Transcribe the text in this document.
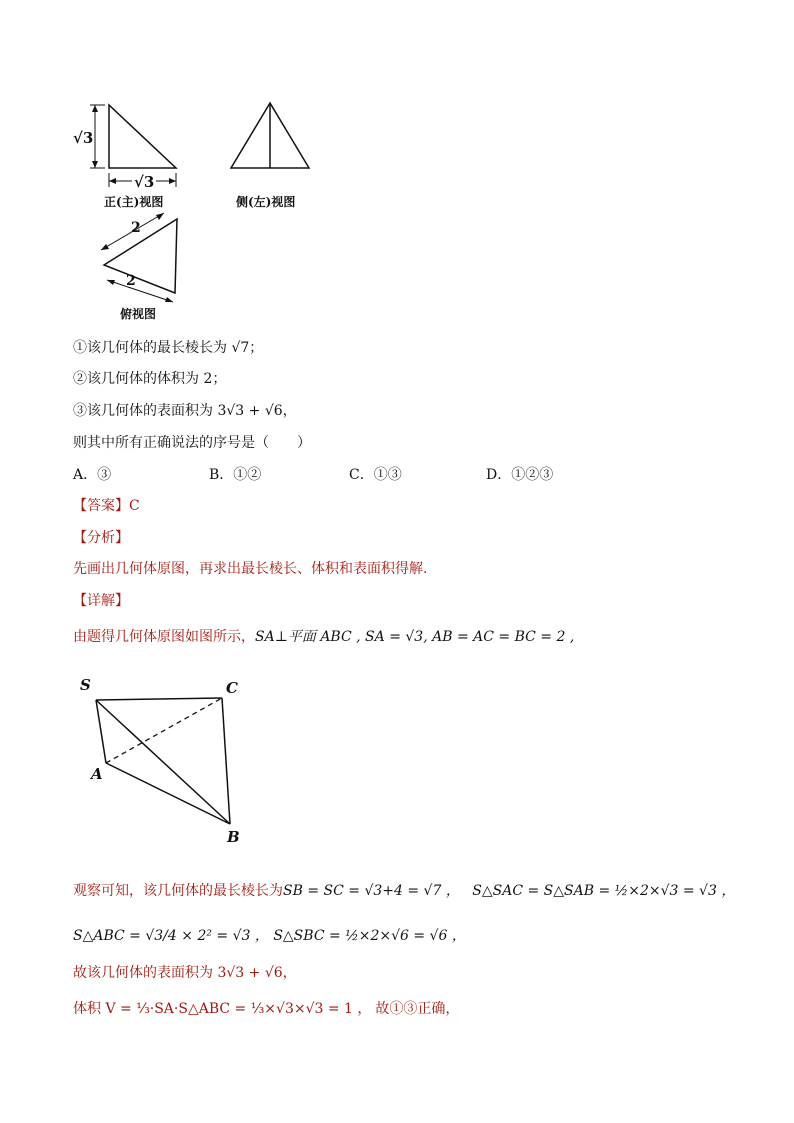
√3
√3
正(主)视图	侧(左)视图
2
2
俯视图
①该几何体的最长棱长为 √7；
②该几何体的体积为 2；
③该几何体的表面积为 3√3 + √6，
则其中所有正确说法的序号是（　　）
A．③	B．①②	C．①③	D．①②③
【答案】C
【分析】
先画出几何体原图，再求出最长棱长、体积和表面积得解.
【详解】
由题得几何体原图如图所示，SA⊥平面 ABC , SA = √3, AB = AC = BC = 2 ,
S	C
A
B
观察可知，该几何体的最长棱长为SB = SC = √3+4 = √7 ， S△SAC = S△SAB = ½×2×√3 = √3 ，
S△ABC = √3/4 × 2² = √3 ， S△SBC = ½×2×√6 = √6 ，
故该几何体的表面积为 3√3 + √6，
体积 V = ⅓·SA·S△ABC = ⅓×√3×√3 = 1 ， 故①③正确，
